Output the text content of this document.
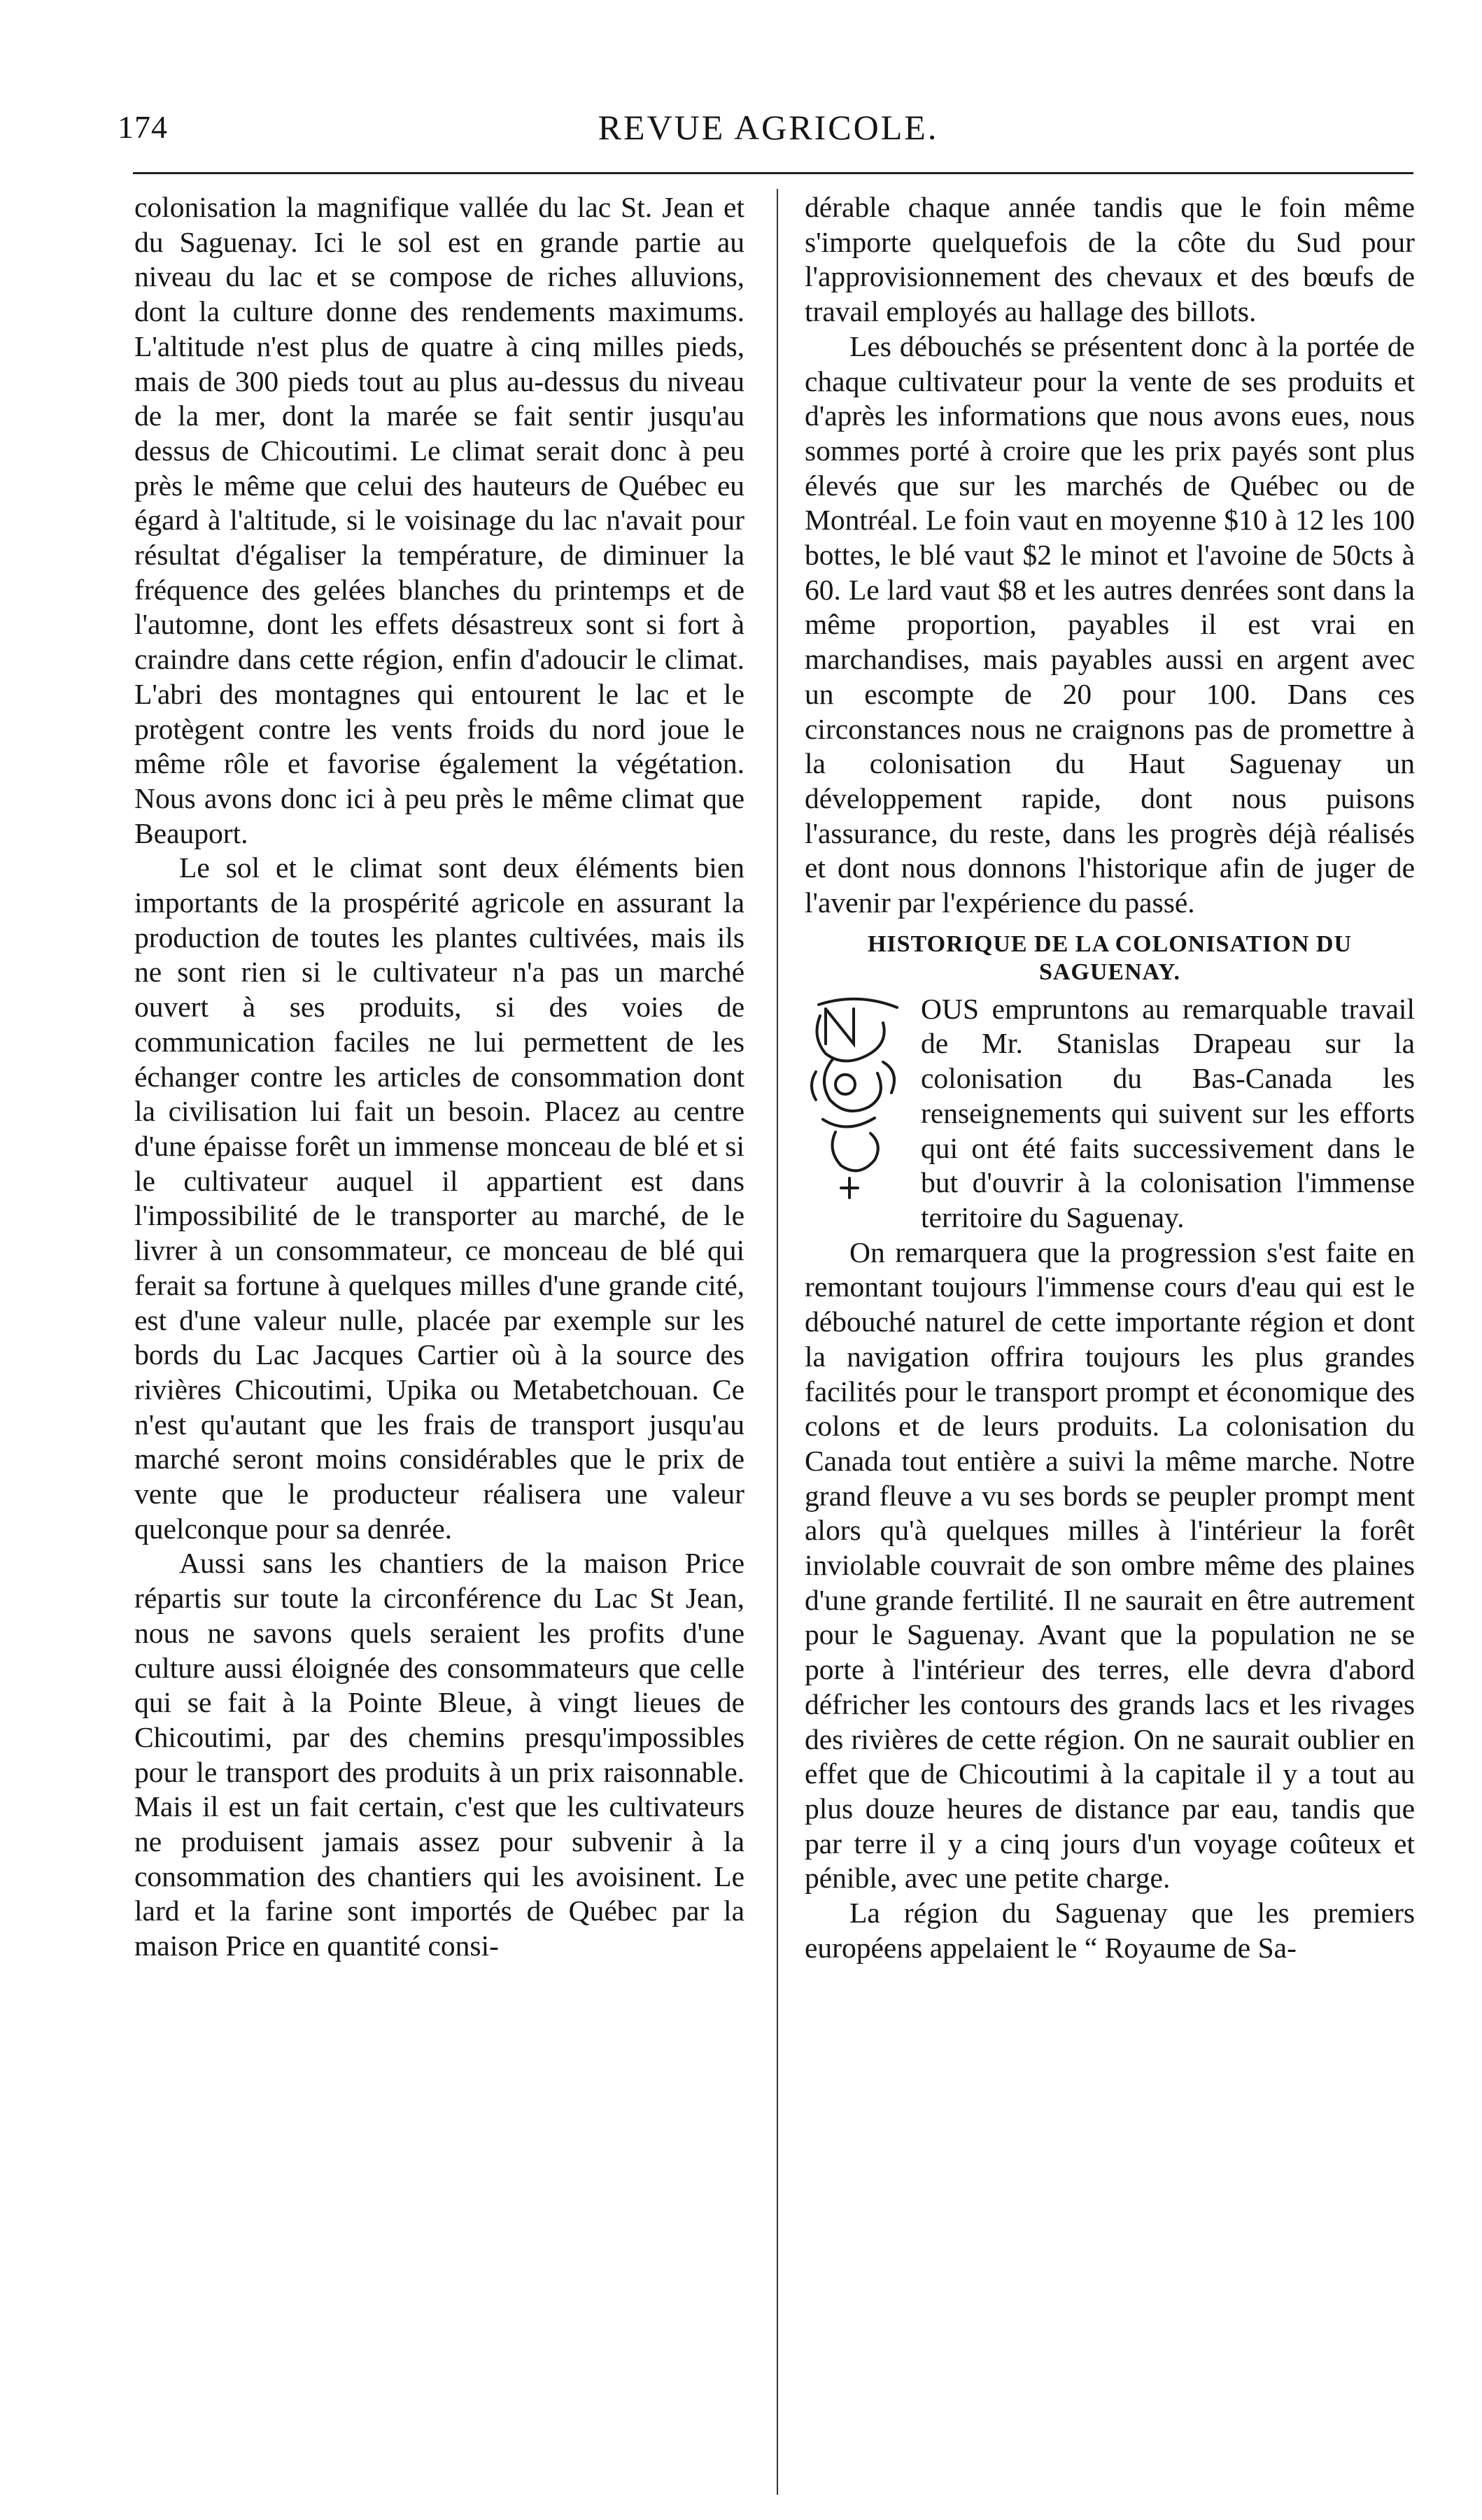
174	REVUE AGRICOLE.

colonisation la magnifique vallée du lac St. Jean et du Saguenay. Ici le sol est en grande partie au niveau du lac et se compose de riches alluvions, dont la culture donne des rendements maximums. L'altitude n'est plus de quatre à cinq milles pieds, mais de 300 pieds tout au plus au-dessus du niveau de la mer, dont la marée se fait sentir jusqu'au dessus de Chicoutimi. Le climat serait donc à peu près le même que celui des hauteurs de Québec eu égard à l'altitude, si le voisinage du lac n'avait pour résultat d'égaliser la température, de diminuer la fréquence des gelées blanches du printemps et de l'automne, dont les effets désastreux sont si fort à craindre dans cette région, enfin d'adoucir le climat. L'abri des montagnes qui entourent le lac et le protègent contre les vents froids du nord joue le même rôle et favorise également la végétation. Nous avons donc ici à peu près le même climat que Beauport.

Le sol et le climat sont deux éléments bien importants de la prospérité agricole en assurant la production de toutes les plantes cultivées, mais ils ne sont rien si le cultivateur n'a pas un marché ouvert à ses produits, si des voies de communication faciles ne lui permettent de les échanger contre les articles de consommation dont la civilisation lui fait un besoin. Placez au centre d'une épaisse forêt un immense monceau de blé et si le cultivateur auquel il appartient est dans l'impossibilité de le transporter au marché, de le livrer à un consommateur, ce monceau de blé qui ferait sa fortune à quelques milles d'une grande cité, est d'une valeur nulle, placée par exemple sur les bords du Lac Jacques Cartier où à la source des rivières Chicoutimi, Upika ou Metabetchouan. Ce n'est qu'autant que les frais de transport jusqu'au marché seront moins considérables que le prix de vente que le producteur réalisera une valeur quelconque pour sa denrée.

Aussi sans les chantiers de la maison Price répartis sur toute la circonférence du Lac St Jean, nous ne savons quels seraient les profits d'une culture aussi éloignée des consommateurs que celle qui se fait à la Pointe Bleue, à vingt lieues de Chicoutimi, par des chemins presqu'impossibles pour le transport des produits à un prix raisonnable. Mais il est un fait certain, c'est que les cultivateurs ne produisent jamais assez pour subvenir à la consommation des chantiers qui les avoisinent. Le lard et la farine sont importés de Québec par la maison Price en quantité consi-

dérable chaque année tandis que le foin même s'importe quelquefois de la côte du Sud pour l'approvisionnement des chevaux et des bœufs de travail employés au hallage des billots.

Les débouchés se présentent donc à la portée de chaque cultivateur pour la vente de ses produits et d'après les informations que nous avons eues, nous sommes porté à croire que les prix payés sont plus élevés que sur les marchés de Québec ou de Montréal. Le foin vaut en moyenne $10 à 12 les 100 bottes, le blé vaut $2 le minot et l'avoine de 50cts à 60. Le lard vaut $8 et les autres denrées sont dans la même proportion, payables il est vrai en marchandises, mais payables aussi en argent avec un escompte de 20 pour 100. Dans ces circonstances nous ne craignons pas de promettre à la colonisation du Haut Saguenay un développement rapide, dont nous puisons l'assurance, du reste, dans les progrès déjà réalisés et dont nous donnons l'historique afin de juger de l'avenir par l'expérience du passé.

HISTORIQUE DE LA COLONISATION DU SAGUENAY.

OUS empruntons au remarquable travail de Mr. Stanislas Drapeau sur la colonisation du Bas-Canada les renseignements qui suivent sur les efforts qui ont été faits successivement dans le but d'ouvrir à la colonisation l'immense territoire du Saguenay.

On remarquera que la progression s'est faite en remontant toujours l'immense cours d'eau qui est le débouché naturel de cette importante région et dont la navigation offrira toujours les plus grandes facilités pour le transport prompt et économique des colons et de leurs produits. La colonisation du Canada tout entière a suivi la même marche. Notre grand fleuve a vu ses bords se peupler prompt ment alors qu'à quelques milles à l'intérieur la forêt inviolable couvrait de son ombre même des plaines d'une grande fertilité. Il ne saurait en être autrement pour le Saguenay. Avant que la population ne se porte à l'intérieur des terres, elle devra d'abord défricher les contours des grands lacs et les rivages des rivières de cette région. On ne saurait oublier en effet que de Chicoutimi à la capitale il y a tout au plus douze heures de distance par eau, tandis que par terre il y a cinq jours d'un voyage coûteux et pénible, avec une petite charge.

La région du Saguenay que les premiers européens appelaient le “ Royaume de Sa-
